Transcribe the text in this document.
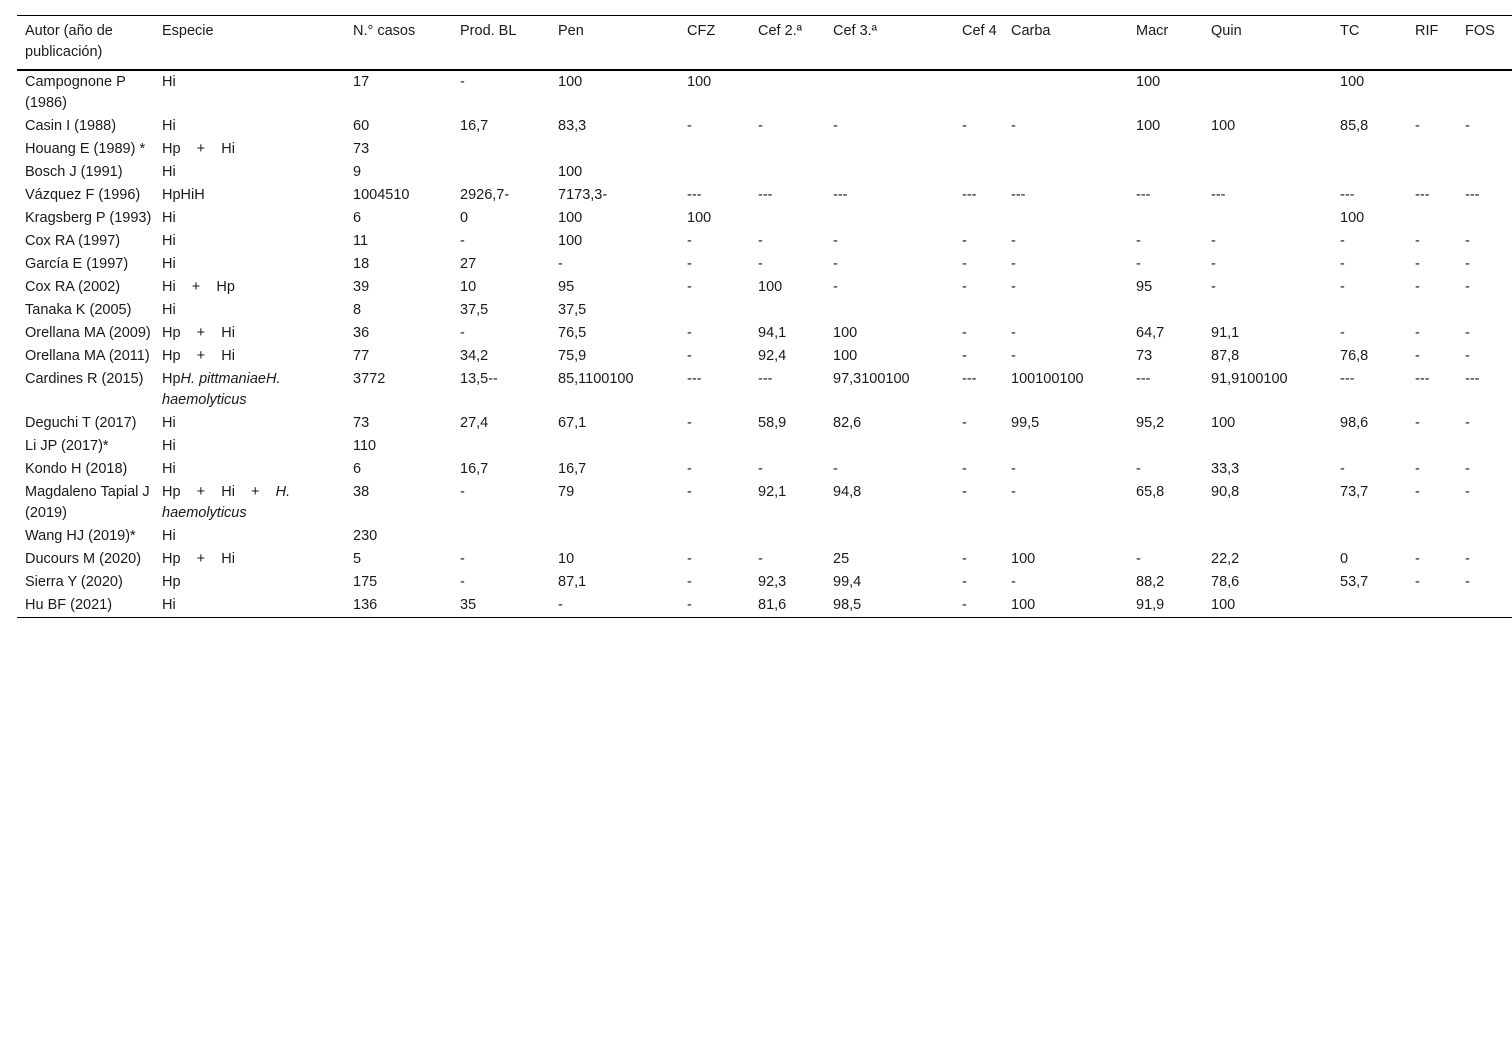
Autor (año de publicación)	Especie	N.° casos	Prod. BL	Pen	CFZ	Cef 2.ª	Cef 3.ª	Cef 4	Carba	Macr	Quin	TC	RIF	FOS
Campognone P (1986)	Hi	17	-	100	100					100		100		
Casin I (1988)	Hi	60	16,7	83,3	-	-	-	-	-	100	100	85,8	-	-
Houang E (1989) *	Hp    +    Hi	73												
Bosch J (1991)	Hi	9		100										
Vázquez F (1996)	HpHiH	1004510	2926,7-	7173,3-	---	---	---	---	---	---	---	---	---	---
Kragsberg P (1993)	Hi	6	0	100	100							100		
Cox RA (1997)	Hi	11	-	100	-	-	-	-	-	-	-	-	-	-
García E (1997)	Hi	18	27	-	-	-	-	-	-	-	-	-	-	-
Cox RA (2002)	Hi    +    Hp	39	10	95	-	100	-	-	-	95	-	-	-	-
Tanaka K (2005)	Hi	8	37,5	37,5										
Orellana MA (2009)	Hp    +    Hi	36	-	76,5	-	94,1	100	-	-	64,7	91,1	-	-	-
Orellana MA (2011)	Hp    +    Hi	77	34,2	75,9	-	92,4	100	-	-	73	87,8	76,8	-	-
Cardines R (2015)	HpH. pittmaniaeH. haemolyticus	3772	13,5--	85,1100100	---	---	97,3100100	---	100100100	---	91,9100100	---	---	---
Deguchi T (2017)	Hi	73	27,4	67,1	-	58,9	82,6	-	99,5	95,2	100	98,6	-	-
Li JP (2017)*	Hi	110												
Kondo H (2018)	Hi	6	16,7	16,7	-	-	-	-	-	-	33,3	-	-	-
Magdaleno Tapial J (2019)	Hp    +    Hi    +    H. haemolyticus	38	-	79	-	92,1	94,8	-	-	65,8	90,8	73,7	-	-
Wang HJ (2019)*	Hi	230												
Ducours M (2020)	Hp    +    Hi	5	-	10	-	-	25	-	100	-	22,2	0	-	-
Sierra Y (2020)	Hp	175	-	87,1	-	92,3	99,4	-	-	88,2	78,6	53,7	-	-
Hu BF (2021)	Hi	136	35	-	-	81,6	98,5	-	100	91,9	100			
